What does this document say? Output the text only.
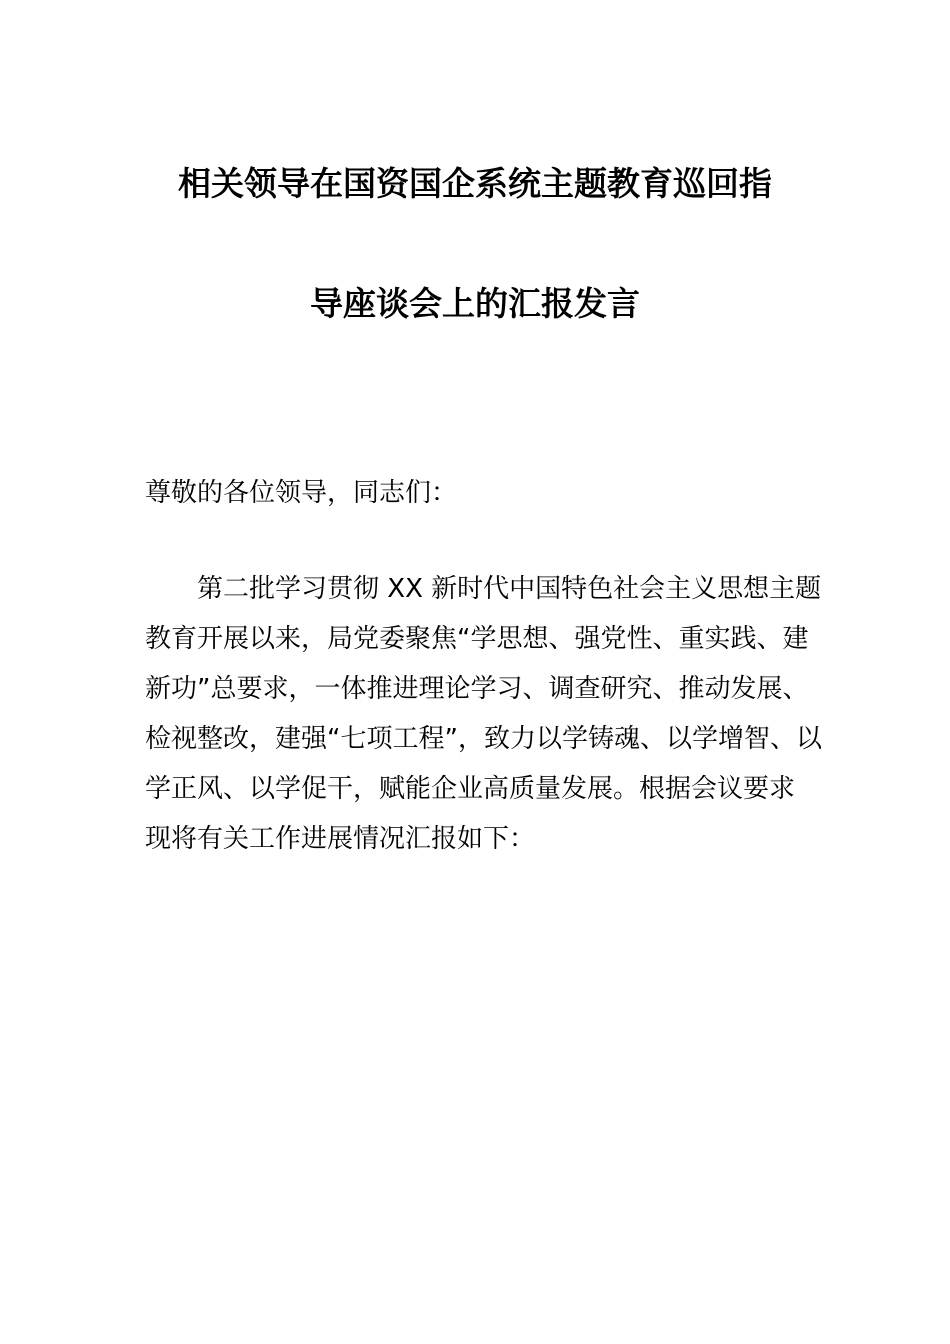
相关领导在国资国企系统主题教育巡回指
导座谈会上的汇报发言
尊敬的各位领导，同志们：
第二批学习贯彻 XX 新时代中国特色社会主义思想主题
教育开展以来，局党委聚焦“学思想、强党性、重实践、建
新功”总要求，一体推进理论学习、调查研究、推动发展、
检视整改，建强“七项工程”，致力以学铸魂、以学增智、以
学正风、以学促干，赋能企业高质量发展。根据会议要求
现将有关工作进展情况汇报如下：
